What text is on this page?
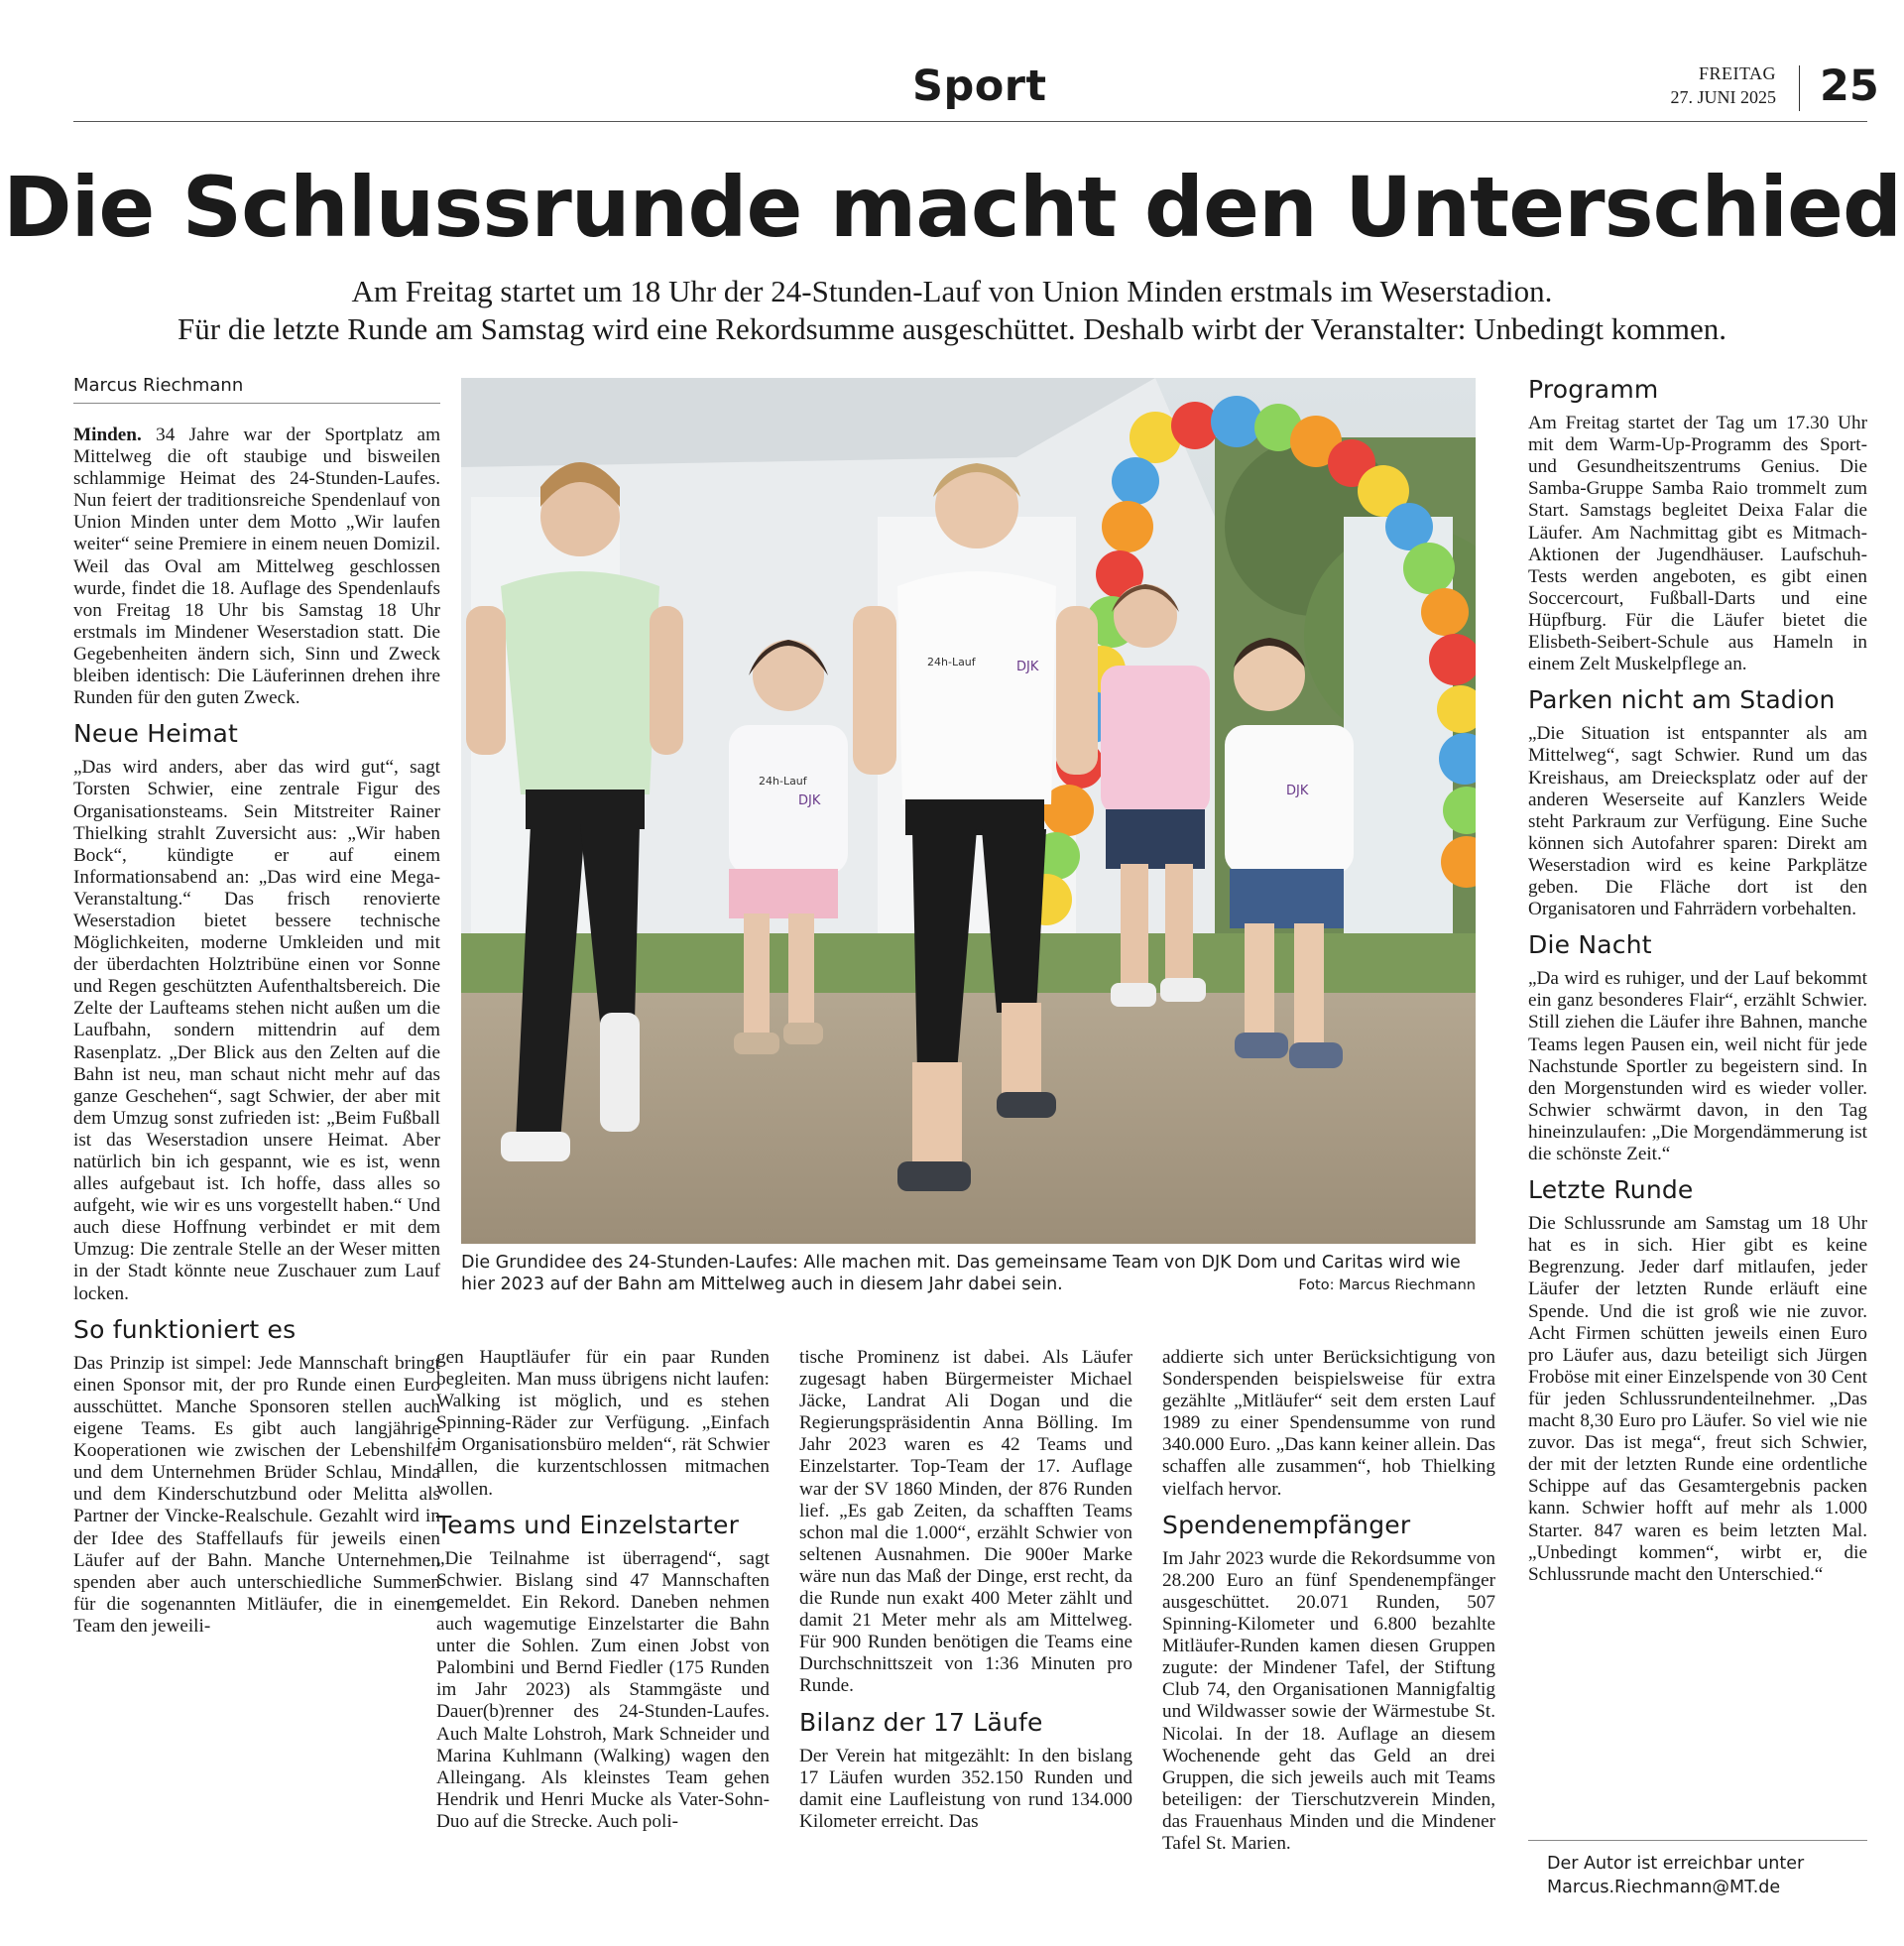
Sport	FREITAG
27. JUNI 2025 25
Die Schlussrunde macht den Unterschied
Am Freitag startet um 18 Uhr der 24-Stunden-Lauf von Union Minden erstmals im Weserstadion.
Für die letzte Runde am Samstag wird eine Rekordsumme ausgeschüttet. Deshalb wirbt der Veranstalter: Unbedingt kommen.
Marcus Riechmann

Minden. 34 Jahre war der Sportplatz am Mittelweg die oft staubige und bisweilen schlammige Heimat des 24-Stunden-Laufes. Nun feiert der traditionsreiche Spendenlauf von Union Minden unter dem Motto „Wir laufen weiter“ seine Premiere in einem neuen Domizil. Weil das Oval am Mittelweg geschlossen wurde, findet die 18. Auflage des Spendenlaufs von Freitag 18 Uhr bis Samstag 18 Uhr erstmals im Mindener Weserstadion statt. Die Gegebenheiten ändern sich, Sinn und Zweck bleiben identisch: Die Läuferinnen drehen ihre Runden für den guten Zweck.

Neue Heimat

„Das wird anders, aber das wird gut“, sagt Torsten Schwier, eine zentrale Figur des Organisationsteams. Sein Mitstreiter Rainer Thielking strahlt Zuversicht aus: „Wir haben Bock“, kündigte er auf einem Informationsabend an: „Das wird eine Mega-Veranstaltung.“ Das frisch renovierte Weserstadion bietet bessere technische Möglichkeiten, moderne Umkleiden und mit der überdachten Holztribüne einen vor Sonne und Regen geschützten Aufenthaltsbereich. Die Zelte der Laufteams stehen nicht außen um die Laufbahn, sondern mittendrin auf dem Rasenplatz. „Der Blick aus den Zelten auf die Bahn ist neu, man schaut nicht mehr auf das ganze Geschehen“, sagt Schwier, der aber mit dem Umzug sonst zufrieden ist: „Beim Fußball ist das Weserstadion unsere Heimat. Aber natürlich bin ich gespannt, wie es ist, wenn alles aufgebaut ist. Ich hoffe, dass alles so aufgeht, wie wir es uns vorgestellt haben.“ Und auch diese Hoffnung verbindet er mit dem Umzug: Die zentrale Stelle an der Weser mitten in der Stadt könnte neue Zuschauer zum Lauf locken.

So funktioniert es

Das Prinzip ist simpel: Jede Mannschaft bringt einen Sponsor mit, der pro Runde einen Euro ausschüttet. Manche Sponsoren stellen auch eigene Teams. Es gibt auch langjährige Kooperationen wie zwischen der Lebenshilfe und dem Unternehmen Brüder Schlau, Minda und dem Kinderschutzbund oder Melitta als Partner der Vincke-Realschule. Gezahlt wird in der Idee des Staffellaufs für jeweils einen Läufer auf der Bahn. Manche Unternehmen spenden aber auch unterschiedliche Summen für die sogenannten Mitläufer, die in einem Team den jeweili-

24h-Lauf
DJK
24h-Lauf	DJK
DJK
Die Grundidee des 24-Stunden-Laufes: Alle machen mit. Das gemeinsame Team von DJK Dom und Caritas wird wie hier 2023 auf der Bahn am Mittelweg auch in diesem Jahr dabei sein.	Foto: Marcus Riechmann

gen Hauptläufer für ein paar Runden begleiten. Man muss übrigens nicht laufen: Walking ist möglich, und es stehen Spinning-Räder zur Verfügung. „Einfach im Organisationsbüro melden“, rät Schwier allen, die kurzentschlossen mitmachen wollen.

Teams und Einzelstarter

„Die Teilnahme ist überragend“, sagt Schwier. Bislang sind 47 Mannschaften gemeldet. Ein Rekord. Daneben nehmen auch wagemutige Einzelstarter die Bahn unter die Sohlen. Zum einen Jobst von Palombini und Bernd Fiedler (175 Runden im Jahr 2023) als Stammgäste und Dauer(b)renner des 24-Stunden-Laufes. Auch Malte Lohstroh, Mark Schneider und Marina Kuhlmann (Walking) wagen den Alleingang. Als kleinstes Team gehen Hendrik und Henri Mucke als Vater-Sohn-Duo auf die Strecke. Auch poli-

tische Prominenz ist dabei. Als Läufer zugesagt haben Bürgermeister Michael Jäcke, Landrat Ali Dogan und die Regierungspräsidentin Anna Bölling. Im Jahr 2023 waren es 42 Teams und Einzelstarter. Top-Team der 17. Auflage war der SV 1860 Minden, der 876 Runden lief. „Es gab Zeiten, da schafften Teams schon mal die 1.000“, erzählt Schwier von seltenen Ausnahmen. Die 900er Marke wäre nun das Maß der Dinge, erst recht, da die Runde nun exakt 400 Meter zählt und damit 21 Meter mehr als am Mittelweg. Für 900 Runden benötigen die Teams eine Durchschnittszeit von 1:36 Minuten pro Runde.

Bilanz der 17 Läufe

Der Verein hat mitgezählt: In den bislang 17 Läufen wurden 352.150 Runden und damit eine Laufleistung von rund 134.000 Kilometer erreicht. Das

addierte sich unter Berücksichtigung von Sonderspenden beispielsweise für extra gezählte „Mitläufer“ seit dem ersten Lauf 1989 zu einer Spendensumme von rund 340.000 Euro. „Das kann keiner allein. Das schaffen alle zusammen“, hob Thielking vielfach hervor.

Spendenempfänger

Im Jahr 2023 wurde die Rekordsumme von 28.200 Euro an fünf Spendenempfänger ausgeschüttet. 20.071 Runden, 507 Spinning-Kilometer und 6.800 bezahlte Mitläufer-Runden kamen diesen Gruppen zugute: der Mindener Tafel, der Stiftung Club 74, den Organisationen Mannigfaltig und Wildwasser sowie der Wärmestube St. Nicolai. In der 18. Auflage an diesem Wochenende geht das Geld an drei Gruppen, die sich jeweils auch mit Teams beteiligen: der Tierschutzverein Minden, das Frauenhaus Minden und die Mindener Tafel St. Marien.

Programm

Am Freitag startet der Tag um 17.30 Uhr mit dem Warm-Up-Programm des Sport- und Gesundheitszentrums Genius. Die Samba-Gruppe Samba Raio trommelt zum Start. Samstags begleitet Deixa Falar die Läufer. Am Nachmittag gibt es Mitmach-Aktionen der Jugendhäuser. Laufschuh-Tests werden angeboten, es gibt einen Soccercourt, Fußball-Darts und eine Hüpfburg. Für die Läufer bietet die Elisbeth-Seibert-Schule aus Hameln in einem Zelt Muskelpflege an.

Parken nicht am Stadion

„Die Situation ist entspannter als am Mittelweg“, sagt Schwier. Rund um das Kreishaus, am Dreiecksplatz oder auf der anderen Weserseite auf Kanzlers Weide steht Parkraum zur Verfügung. Eine Suche können sich Autofahrer sparen: Direkt am Weserstadion wird es keine Parkplätze geben. Die Fläche dort ist den Organisatoren und Fahrrädern vorbehalten.

Die Nacht

„Da wird es ruhiger, und der Lauf bekommt ein ganz besonderes Flair“, erzählt Schwier. Still ziehen die Läufer ihre Bahnen, manche Teams legen Pausen ein, weil nicht für jede Nachstunde Sportler zu begeistern sind. In den Morgenstunden wird es wieder voller. Schwier schwärmt davon, in den Tag hineinzulaufen: „Die Morgendämmerung ist die schönste Zeit.“

Letzte Runde

Die Schlussrunde am Samstag um 18 Uhr hat es in sich. Hier gibt es keine Begrenzung. Jeder darf mitlaufen, jeder Läufer der letzten Runde erläuft eine Spende. Und die ist groß wie nie zuvor. Acht Firmen schütten jeweils einen Euro pro Läufer aus, dazu beteiligt sich Jürgen Froböse mit einer Einzelspende von 30 Cent für jeden Schlussrundenteilnehmer. „Das macht 8,30 Euro pro Läufer. So viel wie nie zuvor. Das ist mega“, freut sich Schwier, der mit der letzten Runde eine ordentliche Schippe auf das Gesamtergebnis packen kann. Schwier hofft auf mehr als 1.000 Starter. 847 waren es beim letzten Mal. „Unbedingt kommen“, wirbt er, die Schlussrunde macht den Unterschied.“

Der Autor ist erreichbar unter
Marcus.Riechmann@MT.de
